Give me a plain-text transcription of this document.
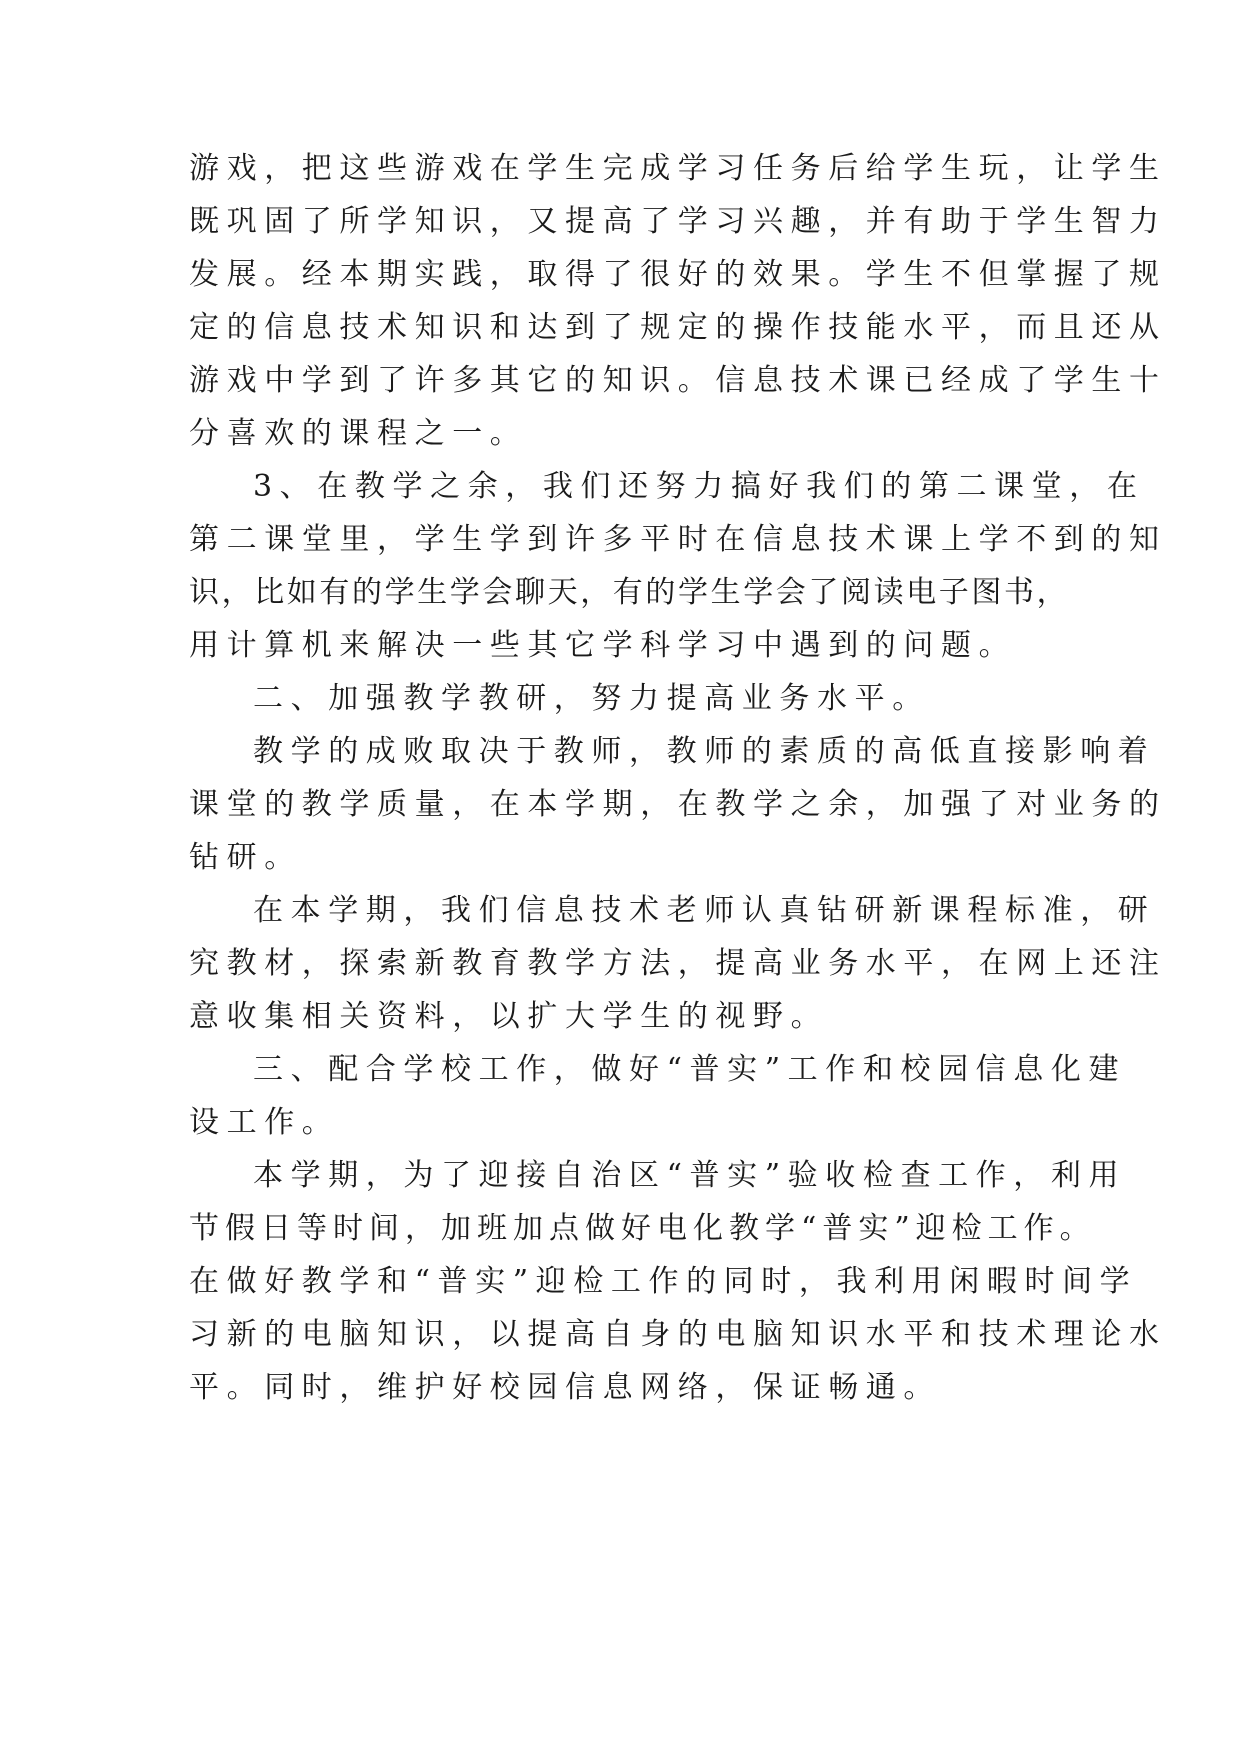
游戏，把这些游戏在学生完成学习任务后给学生玩，让学生

既巩固了所学知识，又提高了学习兴趣，并有助于学生智力

发展。经本期实践，取得了很好的效果。学生不但掌握了规

定的信息技术知识和达到了规定的操作技能水平，而且还从

游戏中学到了许多其它的知识。信息技术课已经成了学生十

分喜欢的课程之一。

3、在教学之余，我们还努力搞好我们的第二课堂，在

第二课堂里，学生学到许多平时在信息技术课上学不到的知

识，比如有的学生学会聊天，有的学生学会了阅读电子图书，

用计算机来解决一些其它学科学习中遇到的问题。

二、加强教学教研，努力提高业务水平。

教学的成败取决于教师，教师的素质的高低直接影响着

课堂的教学质量，在本学期，在教学之余，加强了对业务的

钻研。

在本学期，我们信息技术老师认真钻研新课程标准，研

究教材，探索新教育教学方法，提高业务水平，在网上还注

意收集相关资料，以扩大学生的视野。

三、配合学校工作，做好“普实”工作和校园信息化建

设工作。

本学期，为了迎接自治区“普实”验收检查工作，利用

节假日等时间，加班加点做好电化教学“普实”迎检工作。

在做好教学和“普实”迎检工作的同时，我利用闲暇时间学

习新的电脑知识，以提高自身的电脑知识水平和技术理论水

平。同时，维护好校园信息网络，保证畅通。
